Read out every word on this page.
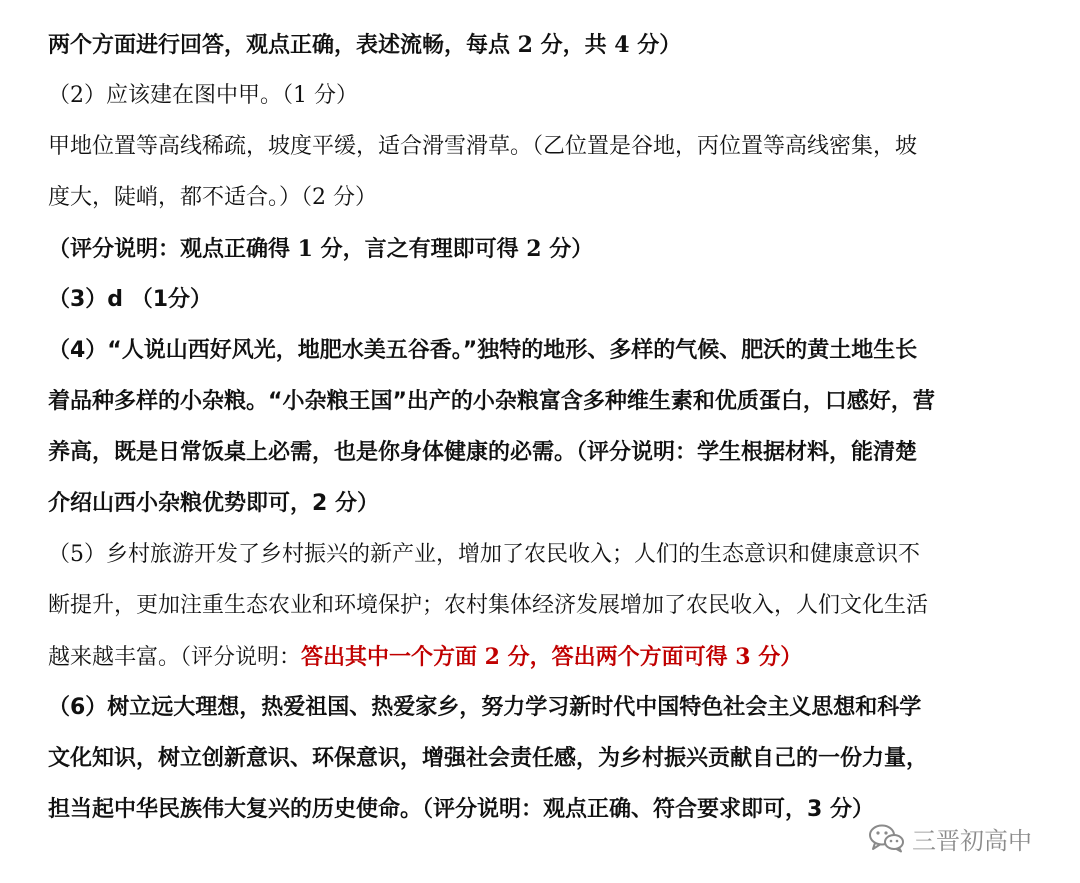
两个方面进行回答，观点正确，表述流畅，每点 2 分，共 4 分）
（2）应该建在图中甲。（1 分）
甲地位置等高线稀疏，坡度平缓，适合滑雪滑草。（乙位置是谷地，丙位置等高线密集，坡
度大，陡峭，都不适合。）（2 分）
（评分说明：观点正确得 1 分，言之有理即可得 2 分）
（3）d （1分）
（4）“人说山西好风光，地肥水美五谷香。”独特的地形、多样的气候、肥沃的黄土地生长
着品种多样的小杂粮。“小杂粮王国”出产的小杂粮富含多种维生素和优质蛋白，口感好，营
养高，既是日常饭桌上必需，也是你身体健康的必需。（评分说明：学生根据材料，能清楚
介绍山西小杂粮优势即可，2 分）
（5）乡村旅游开发了乡村振兴的新产业，增加了农民收入；人们的生态意识和健康意识不
断提升，更加注重生态农业和环境保护；农村集体经济发展增加了农民收入，人们文化生活
越来越丰富。（评分说明：答出其中一个方面 2 分，答出两个方面可得 3 分）
（6）树立远大理想，热爱祖国、热爱家乡，努力学习新时代中国特色社会主义思想和科学
文化知识，树立创新意识、环保意识，增强社会责任感，为乡村振兴贡献自己的一份力量，
担当起中华民族伟大复兴的历史使命。（评分说明：观点正确、符合要求即可，3 分）
三晋初高中
